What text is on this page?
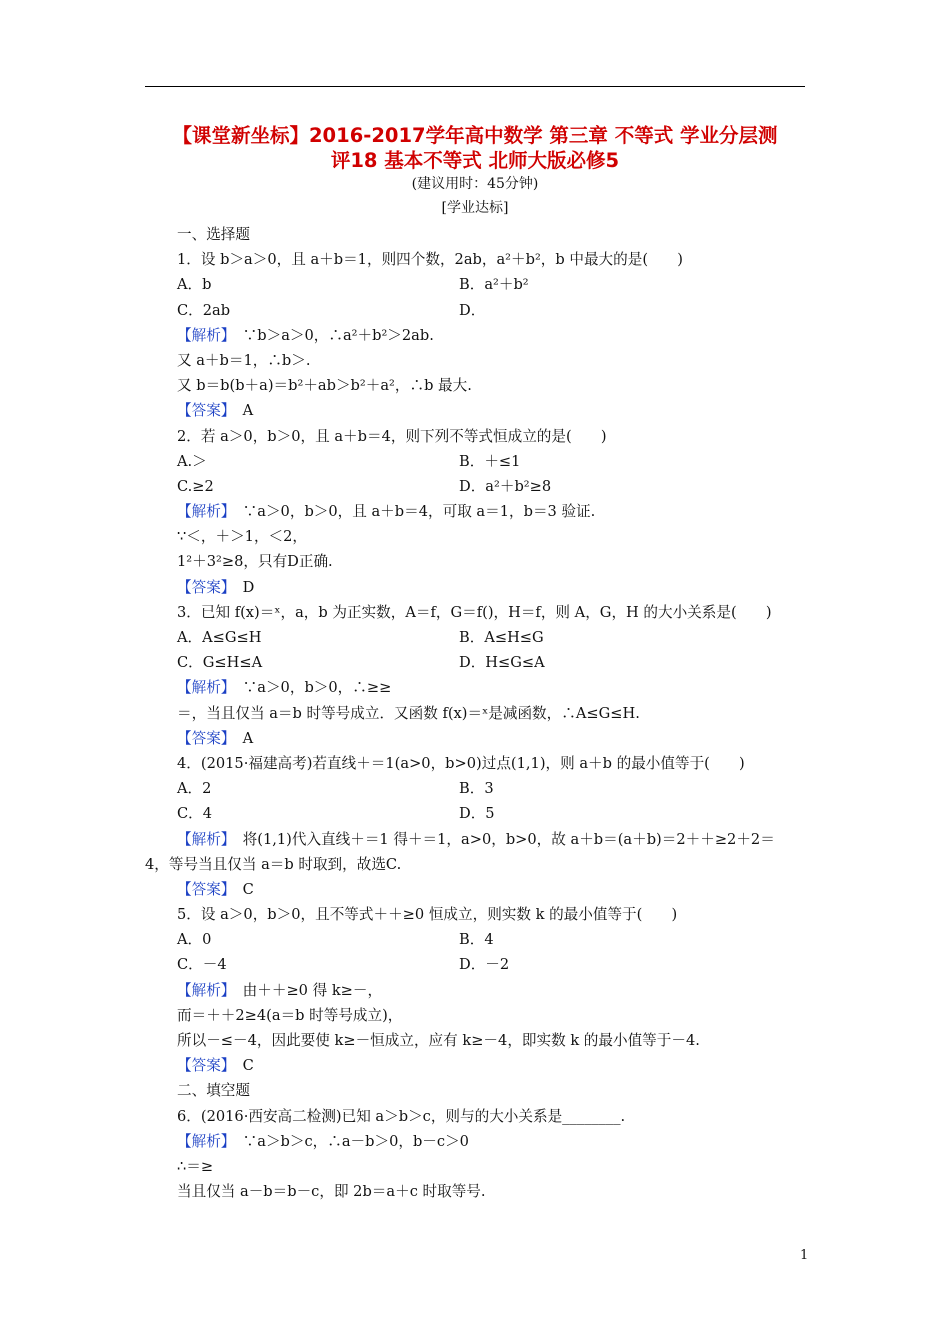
【课堂新坐标】2016-2017学年高中数学 第三章 不等式 学业分层测
评18 基本不等式 北师大版必修5
(建议用时：45分钟)
[学业达标]
一、选择题
1．设 b＞a＞0，且 a＋b＝1，则四个数，2ab，a²＋b²，b 中最大的是(　　)
A．b	B．a²＋b²
C．2ab	D．
【解析】　∵b＞a＞0，∴a²＋b²＞2ab.
又 a＋b＝1，∴b＞.
又 b＝b(b＋a)＝b²＋ab＞b²＋a²，∴b 最大.
【答案】　A
2．若 a＞0，b＞0，且 a＋b＝4，则下列不等式恒成立的是(　　)
A.＞	B．＋≤1
C.≥2	D．a²＋b²≥8
【解析】　∵a＞0，b＞0，且 a＋b＝4，可取 a＝1，b＝3 验证.
∵＜，＋＞1，＜2，
1²＋3²≥8，只有D正确.
【答案】　D
3．已知 f(x)＝ˣ，a，b 为正实数，A＝f，G＝f()，H＝f，则 A，G，H 的大小关系是(　　)
A．A≤G≤H	B．A≤H≤G
C．G≤H≤A	D．H≤G≤A
【解析】　∵a＞0，b＞0，∴≥≥
＝，当且仅当 a＝b 时等号成立．又函数 f(x)＝ˣ是减函数，∴A≤G≤H.
【答案】　A
4．(2015·福建高考)若直线＋＝1(a>0，b>0)过点(1,1)，则 a＋b 的最小值等于(　　)
A．2	B．3
C．4	D．5
【解析】　将(1,1)代入直线＋＝1 得＋＝1，a>0，b>0，故 a＋b＝(a＋b)＝2＋＋≥2＋2＝
4，等号当且仅当 a＝b 时取到，故选C.
【答案】　C
5．设 a＞0，b＞0，且不等式＋＋≥0 恒成立，则实数 k 的最小值等于(　　)
A．0	B．4
C．－4	D．－2
【解析】　由＋＋≥0 得 k≥－，
而＝＋＋2≥4(a＝b 时等号成立)，
所以－≤－4，因此要使 k≥－恒成立，应有 k≥－4，即实数 k 的最小值等于－4.
【答案】　C
二、填空题
6．(2016·西安高二检测)已知 a＞b＞c，则与的大小关系是________.
【解析】　∵a＞b＞c，∴a－b＞0，b－c＞0
∴＝≥
当且仅当 a－b＝b－c，即 2b＝a＋c 时取等号.
1
